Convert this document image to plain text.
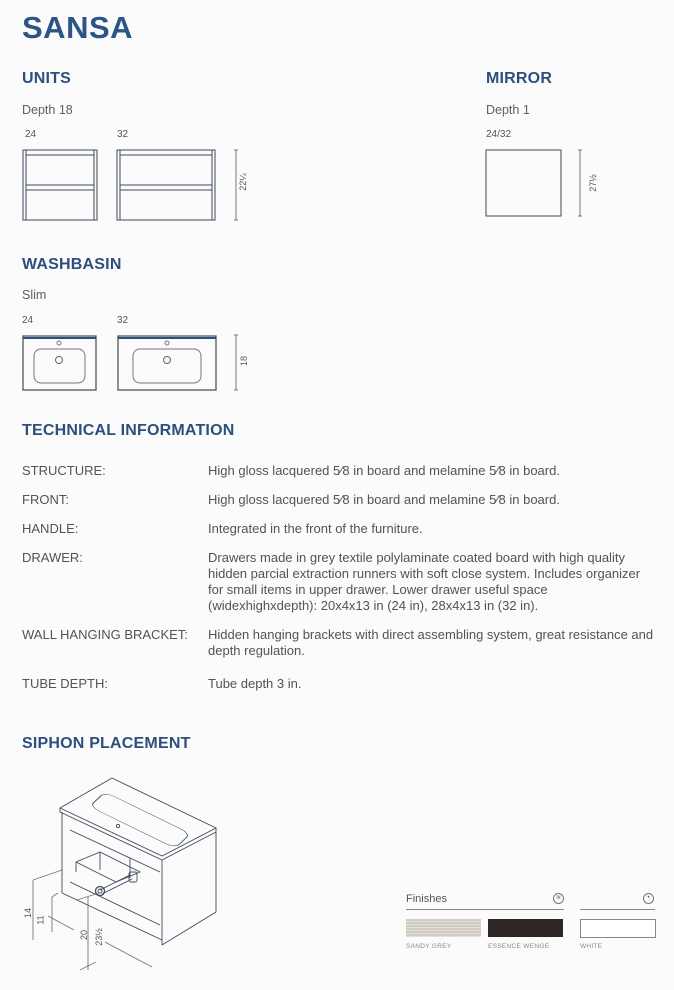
SANSA
UNITS
Depth 18
24	32
22¼
MIRROR
Depth 1
24/32
27½
WASHBASIN
Slim
24	32
18
TECHNICAL INFORMATION
STRUCTURE:	High gloss lacquered 5⁄8 in board and melamine 5⁄8 in board.
FRONT:	High gloss lacquered 5⁄8 in board and melamine 5⁄8 in board.
HANDLE:	Integrated in the front of the furniture.
DRAWER:	Drawers made in grey textile polylaminate coated board with high quality hidden parcial extraction runners with soft close system. Includes organizer for small items in upper drawer. Lower drawer useful space (widexhighxdepth): 20x4x13 in (24 in), 28x4x13 in (32 in).
WALL HANGING BRACKET: Hidden hanging brackets with direct assembling system, great resistance and depth regulation.
TUBE DEPTH:	Tube depth 3 in.
SIPHON PLACEMENT
14
11
20 23½
Finishes	≋	•
SANDY GREY	ESSENCE WENGE	WHITE
